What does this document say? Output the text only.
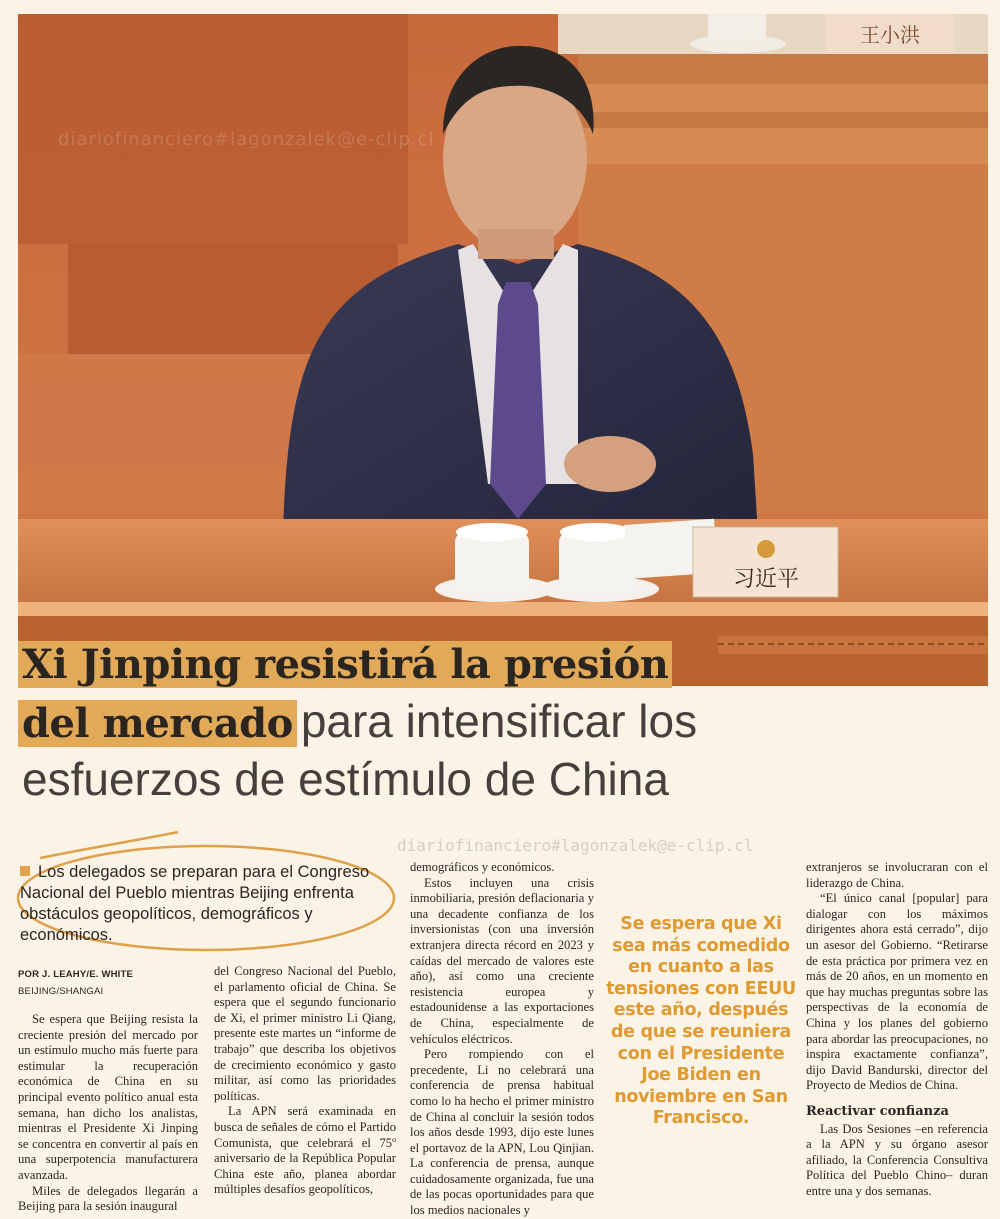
王小洪
习近平
diariofinanciero#lagonzalek@e-clip.cl
Xi Jinping resistirá la presión
del mercado para intensificar los
esfuerzos de estímulo de China
diariofinanciero#lagonzalek@e-clip.cl
Los delegados se preparan para el Congreso Nacional del Pueblo mientras Beijing enfrenta obstáculos geopolíticos, demográficos y económicos.
POR J. LEAHY/E. WHITE
BEIJING/SHANGAI

Se espera que Beijing resista la creciente presión del mercado por un estímulo mucho más fuerte para estimular la recuperación económica de China en su principal evento político anual esta semana, han dicho los analistas, mientras el Presidente Xi Jinping se concentra en convertir al país en una superpotencia manufacturera avanzada.

Miles de delegados llegarán a Beijing para la sesión inaugural

del Congreso Nacional del Pueblo, el parlamento oficial de China. Se espera que el segundo funcionario de Xi, el primer ministro Li Qiang, presente este martes un “informe de trabajo” que describa los objetivos de crecimiento económico y gasto militar, así como las prioridades políticas.

La APN será examinada en busca de señales de cómo el Partido Comunista, que celebrará el 75º aniversario de la República Popular China este año, planea abordar múltiples desafíos geopolíticos,

demográficos y económicos.

Estos incluyen una crisis inmobiliaria, presión deflacionaria y una decadente confianza de los inversionistas (con una inversión extranjera directa récord en 2023 y caídas del mercado de valores este año), así como una creciente resistencia europea y estadounidense a las exportaciones de China, especialmente de vehículos eléctricos.

Pero rompiendo con el precedente, Li no celebrará una conferencia de prensa habitual como lo ha hecho el primer ministro de China al concluir la sesión todos los años desde 1993, dijo este lunes el portavoz de la APN, Lou Qinjian. La conferencia de prensa, aunque cuidadosamente organizada, fue una de las pocas oportunidades para que los medios nacionales y

Se espera que Xi sea más comedido en cuanto a las tensiones con EEUU este año, después de que se reuniera con el Presidente Joe Biden en noviembre en San Francisco.

extranjeros se involucraran con el liderazgo de China.

“El único canal [popular] para dialogar con los máximos dirigentes ahora está cerrado”, dijo un asesor del Gobierno. “Retirarse de esta práctica por primera vez en más de 20 años, en un momento en que hay muchas preguntas sobre las perspectivas de la economía de China y los planes del gobierno para abordar las preocupaciones, no inspira exactamente confianza”, dijo David Bandurski, director del Proyecto de Medios de China.

Reactivar confianza

Las Dos Sesiones –en referencia a la APN y su órgano asesor afiliado, la Conferencia Consultiva Política del Pueblo Chino– duran entre una y dos semanas.
